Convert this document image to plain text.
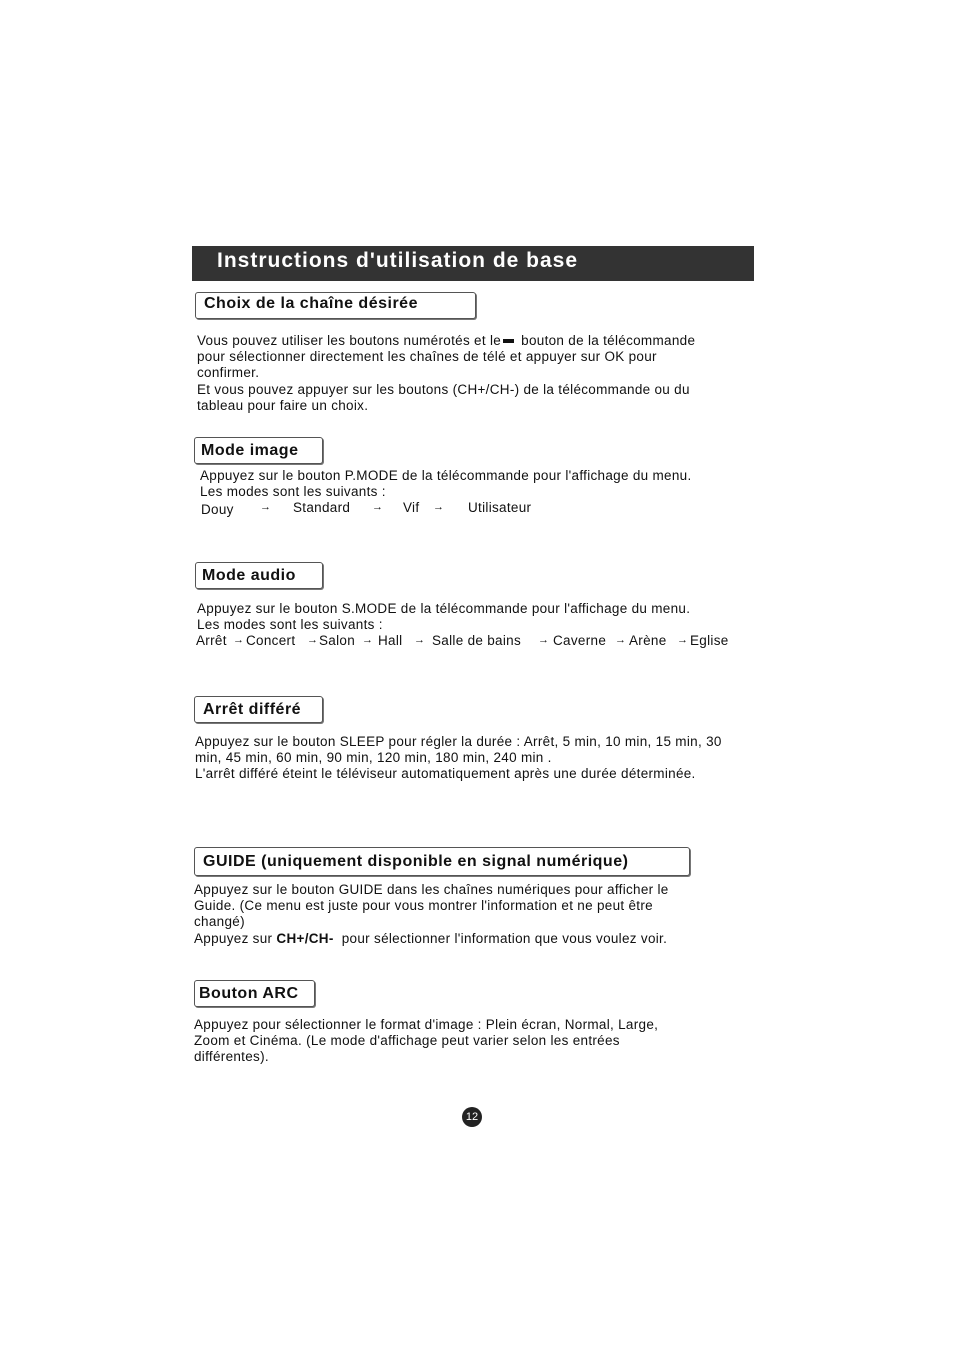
Instructions d'utilisation de base
Choix de la chaîne désirée
Vous pouvez utiliser les boutons numérotés et le bouton de la télécommande
pour sélectionner directement les chaînes de télé et appuyer sur OK pour
confirmer.
Et vous pouvez appuyer sur les boutons (CH+/CH-) de la télécommande ou du
tableau pour faire un choix.
Mode image
Appuyez sur le bouton P.MODE de la télécommande pour l'affichage du menu.
Les modes sont les suivants :
Douy → Standard → Vif → Utilisateur
Mode audio
Appuyez sur le bouton S.MODE de la télécommande pour l'affichage du menu.
Les modes sont les suivants :
Arrêt → Concert → Salon → Hall → Salle de bains → Caverne → Arène → Eglise
Arrêt différé
Appuyez sur le bouton SLEEP pour régler la durée : Arrêt, 5 min, 10 min, 15 min, 30
min, 45 min, 60 min, 90 min, 120 min, 180 min, 240 min .
L'arrêt différé éteint le téléviseur automatiquement après une durée déterminée.
GUIDE (uniquement disponible en signal numérique)
Appuyez sur le bouton GUIDE dans les chaînes numériques pour afficher le
Guide. (Ce menu est juste pour vous montrer l'information et ne peut être
changé)
Appuyez sur CH+/CH- pour sélectionner l'information que vous voulez voir.
Bouton ARC
Appuyez pour sélectionner le format d'image : Plein écran, Normal, Large,
Zoom et Cinéma. (Le mode d'affichage peut varier selon les entrées
différentes).
12
